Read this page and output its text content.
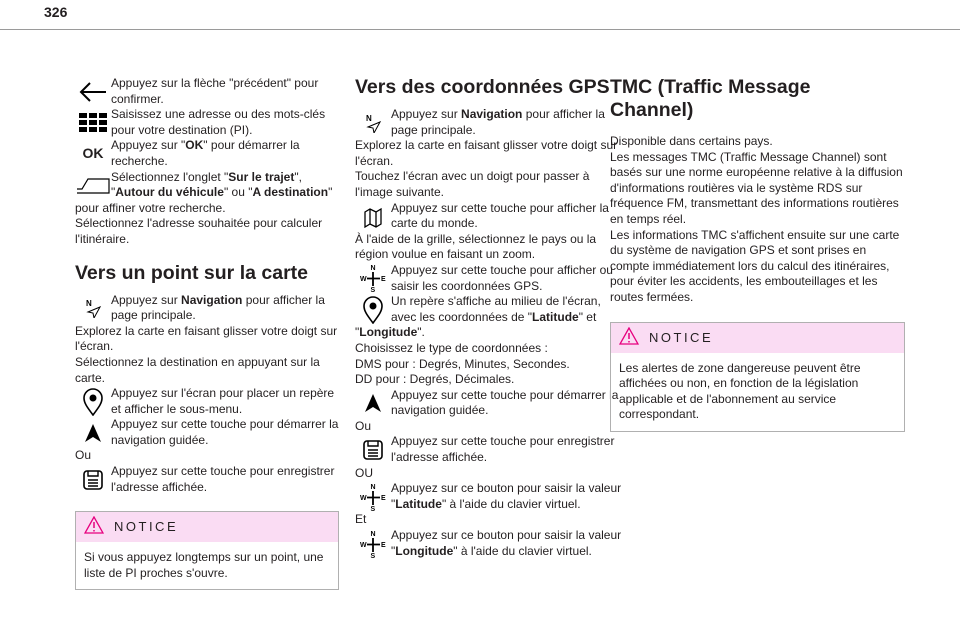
326

Appuyez sur la flèche "précédent" pour confirmer.

Saisissez une adresse ou des mots-clés pour votre destination (PI).

OK Appuyez sur "OK" pour démarrer la recherche.

Sélectionnez l'onglet "Sur le trajet", "Autour du véhicule" ou "A destination" pour affiner votre recherche.

Sélectionnez l'adresse souhaitée pour calculer l'itinéraire.

Vers un point sur la carte
N Appuyez sur Navigation pour afficher la page principale.

Explorez la carte en faisant glisser votre doigt sur l'écran.

Sélectionnez la destination en appuyant sur la carte.

Appuyez sur l'écran pour placer un repère et afficher le sous-menu.

Appuyez sur cette touche pour démarrer la navigation guidée.

Ou

Appuyez sur cette touche pour enregistrer l'adresse affichée.

NOTICE
Si vous appuyez longtemps sur un point, une liste de PI proches s'ouvre.
Vers des coordonnées GPS
N Appuyez sur Navigation pour afficher la page principale.

Explorez la carte en faisant glisser votre doigt sur l'écran.

Touchez l'écran avec un doigt pour passer à l'image suivante.

Appuyez sur cette touche pour afficher la carte du monde.

À l'aide de la grille, sélectionnez le pays ou la région voulue en faisant un zoom.

N
S
W E

Appuyez sur cette touche pour afficher ou saisir les coordonnées GPS.

Un repère s'affiche au milieu de l'écran, avec les coordonnées de "Latitude" et "Longitude".

Choisissez le type de coordonnées :

DMS pour : Degrés, Minutes, Secondes.

DD pour : Degrés, Décimales.

Appuyez sur cette touche pour démarrer la navigation guidée.

Ou

Appuyez sur cette touche pour enregistrer l'adresse affichée.

OU

N
S
W E

Appuyez sur ce bouton pour saisir la valeur "Latitude" à l'aide du clavier virtuel.

Et

N
S
W E

Appuyez sur ce bouton pour saisir la valeur "Longitude" à l'aide du clavier virtuel.

TMC (Traffic Message Channel)

Disponible dans certains pays.

Les messages TMC (Traffic Message Channel) sont basés sur une norme européenne relative à la diffusion d'informations routières via le système RDS sur fréquence FM, transmettant des informations routières en temps réel.

Les informations TMC s'affichent ensuite sur une carte du système de navigation GPS et sont prises en compte immédiatement lors du calcul des itinéraires, pour éviter les accidents, les embouteillages et les routes fermées.

NOTICE
Les alertes de zone dangereuse peuvent être affichées ou non, en fonction de la législation applicable et de l'abonnement au service correspondant.
